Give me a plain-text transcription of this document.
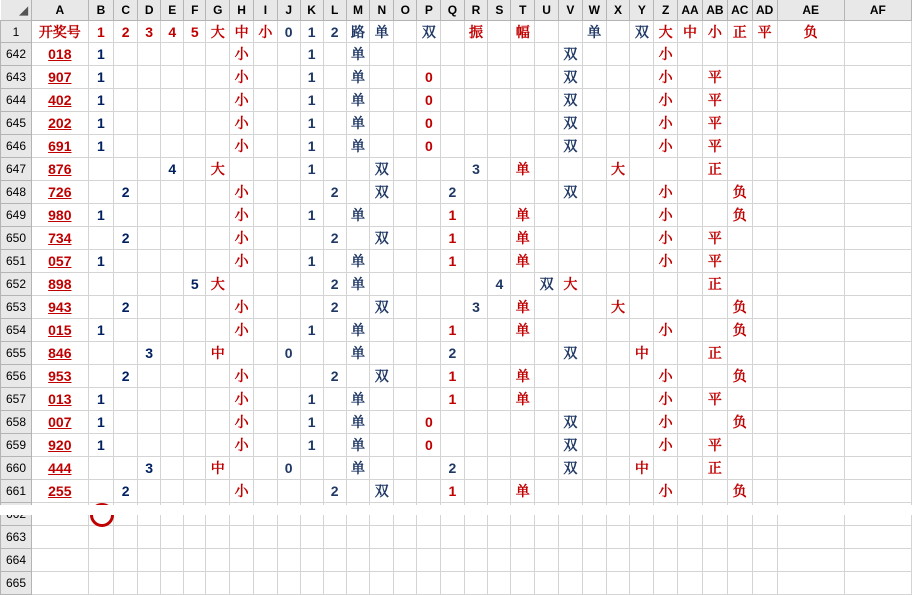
◢	A	B	C	D	E	F	G	H	I	J	K	L	M	N	O	P	Q	R	S	T	U	V	W	X	Y	Z	AA	AB	AC	AD	AE	AF
1	开奖号	1	2	3	4	5	大	中	小	0	1	2	路	单		双		振		幅			单		双	大	中	小	正	平	负	
642	018	1						小			1		单									双				小						
643	907	1						小			1		单			0						双				小		平				
644	402	1						小			1		单			0						双				小		平				
645	202	1						小			1		单			0						双				小		平				
646	691	1						小			1		单			0						双				小		平				
647	876				4		大				1			双				3		单				大				正				
648	726		2					小				2		双			2					双				小			负			
649	980	1						小			1		单				1			单						小			负			
650	734		2					小				2		双			1			单						小		平				
651	057	1						小			1		单				1			单						小		平				
652	898					5	大					2	单						4		双	大						正				
653	943		2					小				2		双				3		单				大					负			
654	015	1						小			1		单				1			单						小			负			
655	846			3			中			0			单				2					双			中			正				
656	953		2					小				2		双			1			单						小			负			
657	013	1						小			1		单				1			单						小		平				
658	007	1						小			1		单			0						双				小			负			
659	920	1						小			1		单			0						双				小		平				
660	444			3			中			0			单				2					双			中			正				
661	255		2					小				2		双			1			单						小			负			

663																																
664																																
665																																
